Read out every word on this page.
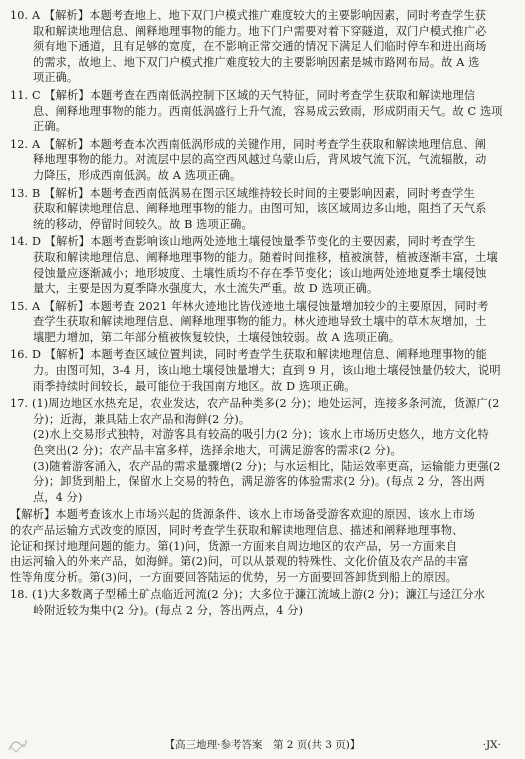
10. A 【解析】本题考查地上、地下双门户模式推广难度较大的主要影响因素，同时考查学生获
取和解读地理信息、阐释地理事物的能力。地下门户需要对着下穿隧道，双门户模式推广必
须有地下通道，且有足够的宽度，在不影响正常交通的情况下满足人们临时停车和进出商场
的需求，故地上、地下双门户模式推广难度较大的主要影响因素是城市路网布局。故 A 选
项正确。
11. C 【解析】本题考查在西南低涡控制下区域的天气特征，同时考查学生获取和解读地理信
息、阐释地理事物的能力。西南低涡盛行上升气流，容易成云致雨，形成阴雨天气。故 C 选项
正确。
12. A 【解析】本题考查本次西南低涡形成的关键作用，同时考查学生获取和解读地理信息、阐
释地理事物的能力。对流层中层的高空西风越过乌蒙山后，背风坡气流下沉，气流辐散，动
力降压，形成西南低涡。故 A 选项正确。
13. B 【解析】本题考查西南低涡易在图示区域维持较长时间的主要影响因素，同时考查学生
获取和解读地理信息、阐释地理事物的能力。由图可知，该区域周边多山地，阻挡了天气系
统的移动，停留时间较久。故 B 选项正确。
14. D 【解析】本题考查影响该山地两处迹地土壤侵蚀量季节变化的主要因素，同时考查学生
获取和解读地理信息、阐释地理事物的能力。随着时间推移，植被演替，植被逐渐丰富，土壤
侵蚀量应逐渐减小；地形坡度、土壤性质均不存在季节变化；该山地两处迹地夏季土壤侵蚀
量大，主要是因为夏季降水强度大，水土流失严重。故 D 选项正确。
15. A 【解析】本题考查 2021 年林火迹地比皆伐迹地土壤侵蚀量增加较少的主要原因，同时考
查学生获取和解读地理信息、阐释地理事物的能力。林火迹地导致土壤中的草木灰增加，土
壤肥力增加，第二年部分植被恢复较快，土壤侵蚀较弱。故 A 选项正确。
16. D 【解析】本题考查区域位置判读，同时考查学生获取和解读地理信息、阐释地理事物的能
力。由图可知，3-4 月，该山地土壤侵蚀量增大；直到 9 月，该山地土壤侵蚀量仍较大，说明
雨季持续时间较长，最可能位于我国南方地区。故 D 选项正确。
17. (1)周边地区水热充足，农业发达，农产品种类多(2 分)；地处运河，连接多条河流，货源广(2
分)；近海，兼具陆上农产品和海鲜(2 分)。
(2)水上交易形式独特，对游客具有较高的吸引力(2 分)；该水上市场历史悠久，地方文化特
色突出(2 分)；农产品丰富多样，选择余地大，可满足游客的需求(2 分)。
(3)随着游客涌入，农产品的需求量骤增(2 分)；与水运相比，陆运效率更高，运输能力更强(2
分)；卸货到船上，保留水上交易的特色，满足游客的体验需求(2 分)。(每点 2 分，答出两
点，4 分)
【解析】本题考查该水上市场兴起的货源条件、该水上市场备受游客欢迎的原因、该水上市场
的农产品运输方式改变的原因，同时考查学生获取和解读地理信息、描述和阐释地理事物、
论证和探讨地理问题的能力。第(1)问，货源一方面来自周边地区的农产品，另一方面来自
由运河输入的外来产品，如海鲜。第(2)问，可以从景观的特殊性、文化价值及农产品的丰富
性等角度分析。第(3)问，一方面要回答陆运的优势，另一方面要回答卸货到船上的原因。
18. (1)大多数离子型稀土矿点临近河流(2 分)；大多位于濂江流域上游(2 分)；濂江与迳江分水
岭附近较为集中(2 分)。(每点 2 分，答出两点，4 分)
【高三地理·参考答案　第 2 页(共 3 页)】	·JX·
